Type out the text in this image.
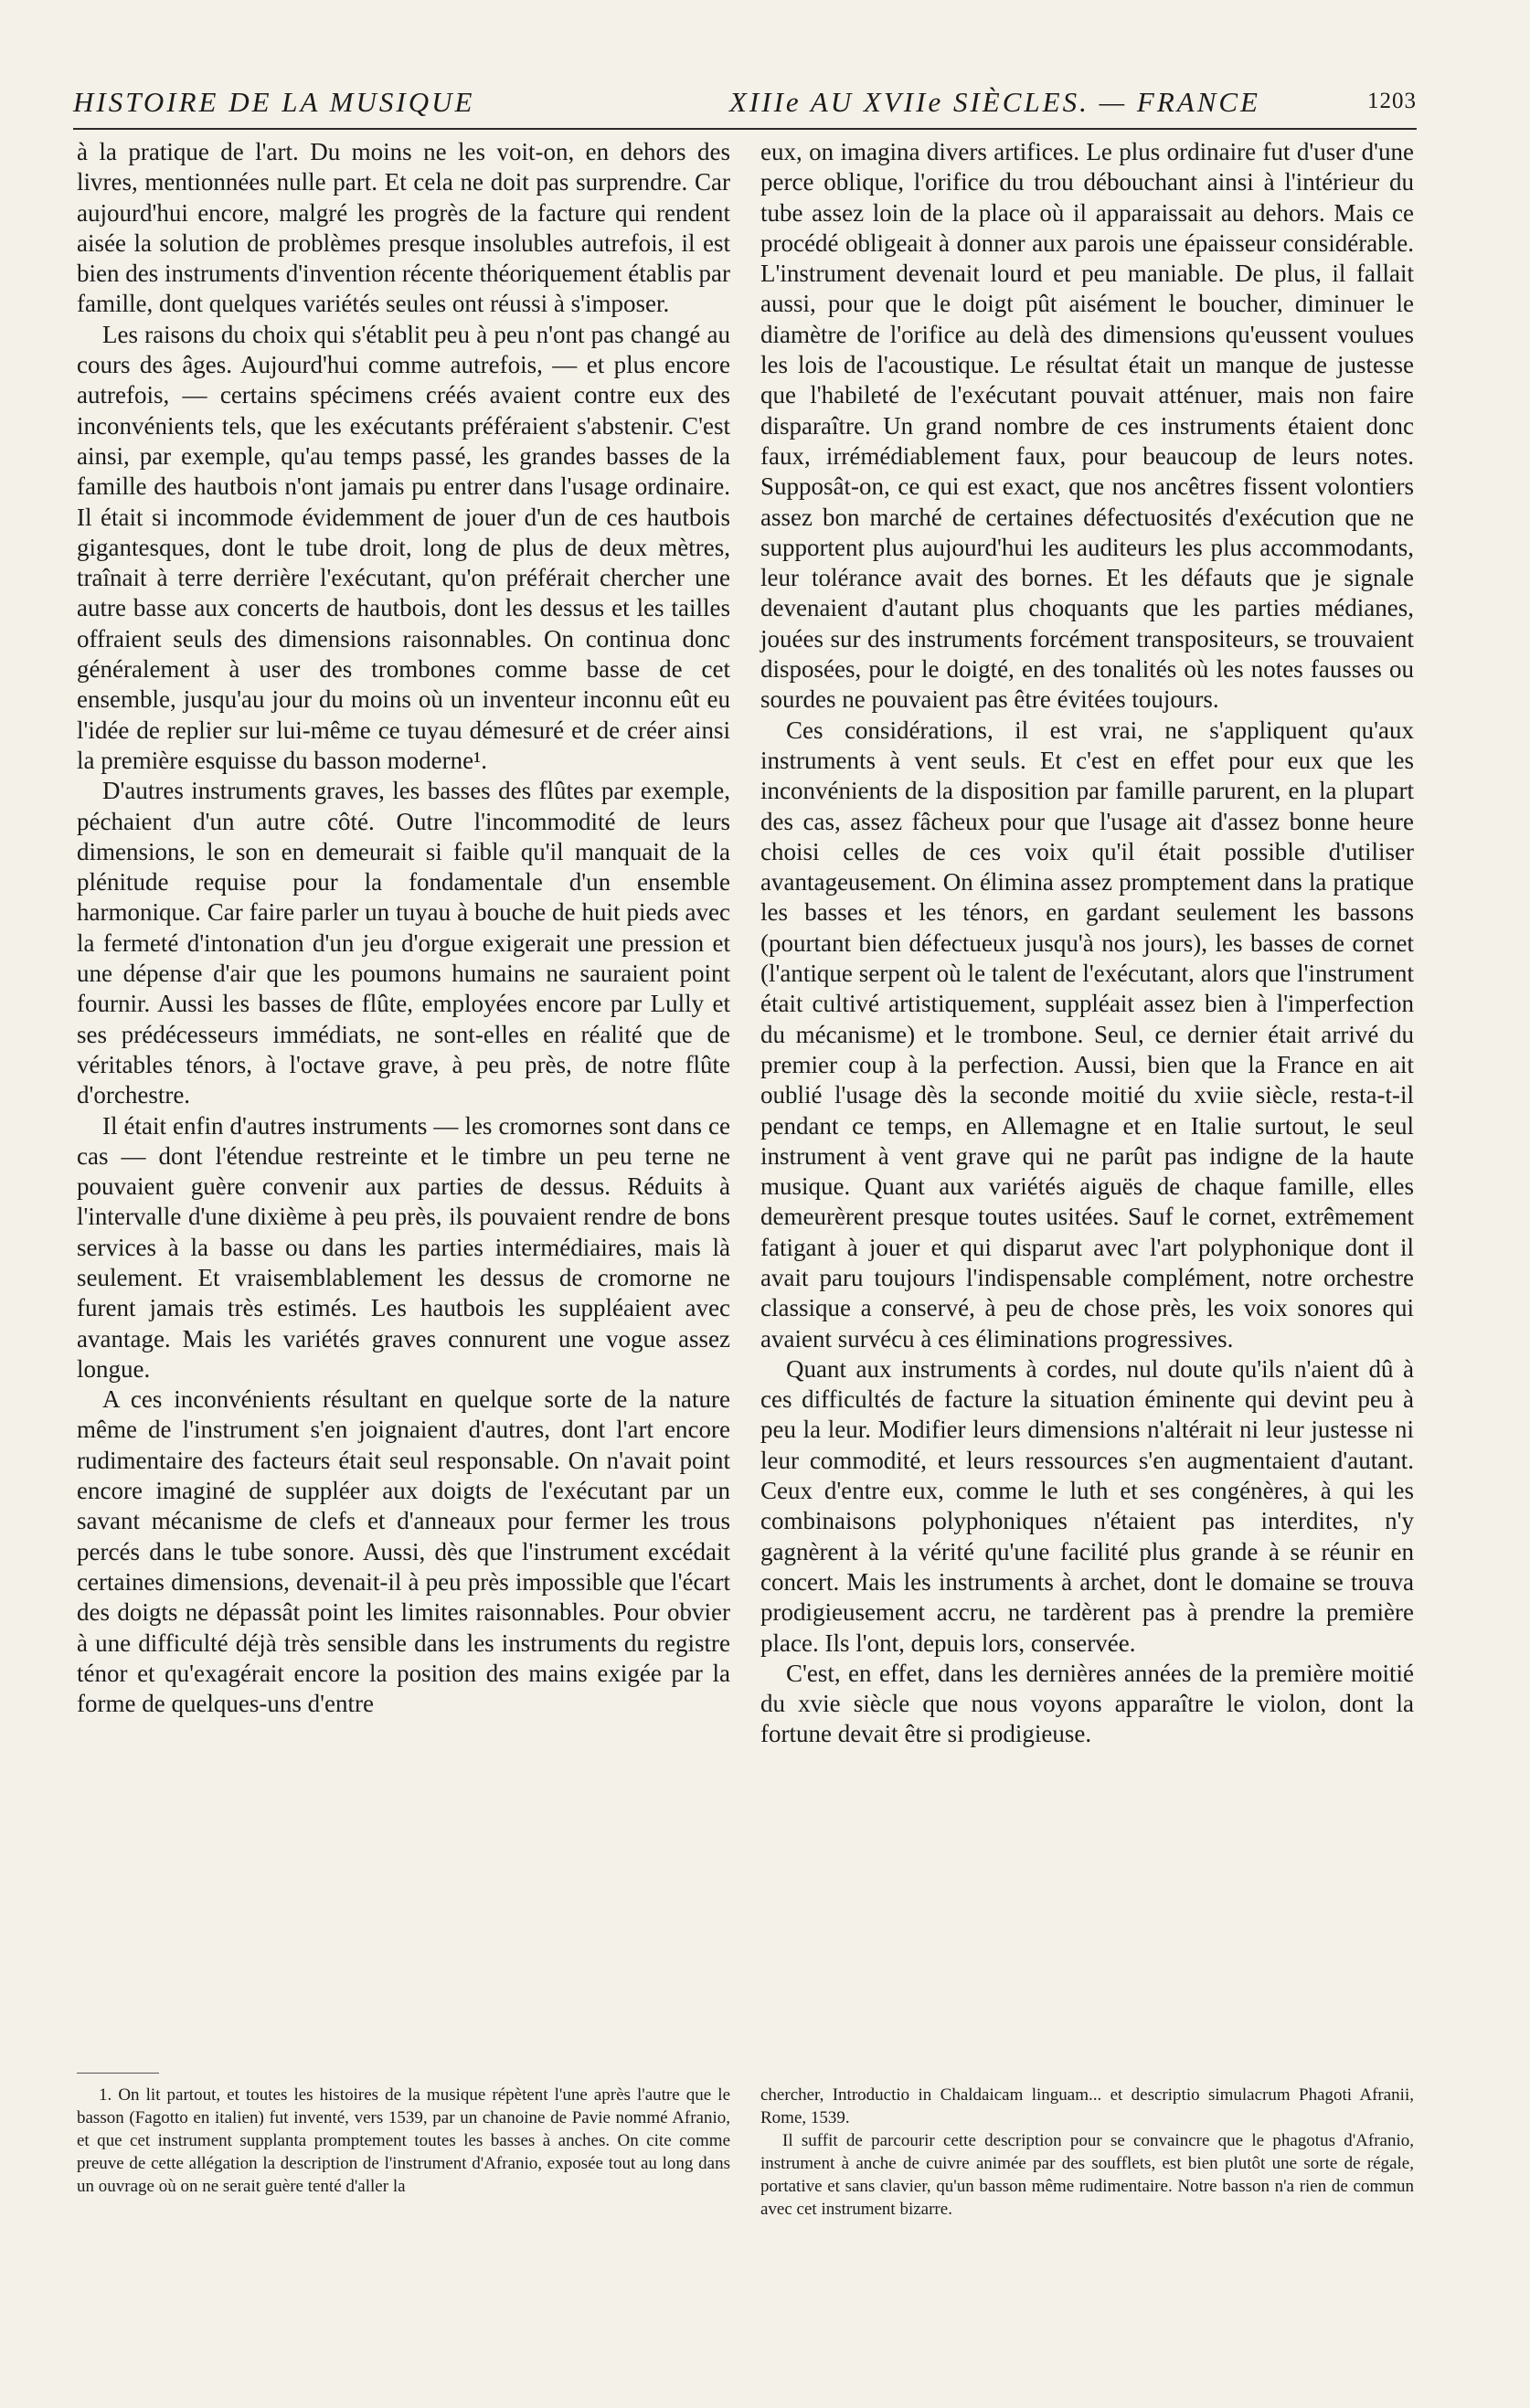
HISTOIRE DE LA MUSIQUE	XIIIe AU XVIIe SIÈCLES. — FRANCE	1203

à la pratique de l'art. Du moins ne les voit-on, en dehors des livres, mentionnées nulle part. Et cela ne doit pas surprendre. Car aujourd'hui encore, malgré les progrès de la facture qui rendent aisée la solution de problèmes presque insolubles autrefois, il est bien des instruments d'invention récente théoriquement établis par famille, dont quelques variétés seules ont réussi à s'imposer.

Les raisons du choix qui s'établit peu à peu n'ont pas changé au cours des âges. Aujourd'hui comme autrefois, — et plus encore autrefois, — certains spécimens créés avaient contre eux des inconvénients tels, que les exécutants préféraient s'abstenir. C'est ainsi, par exemple, qu'au temps passé, les grandes basses de la famille des hautbois n'ont jamais pu entrer dans l'usage ordinaire. Il était si incommode évidemment de jouer d'un de ces hautbois gigantesques, dont le tube droit, long de plus de deux mètres, traînait à terre derrière l'exécutant, qu'on préférait chercher une autre basse aux concerts de hautbois, dont les dessus et les tailles offraient seuls des dimensions raisonnables. On continua donc généralement à user des trombones comme basse de cet ensemble, jusqu'au jour du moins où un inventeur inconnu eût eu l'idée de replier sur lui-même ce tuyau démesuré et de créer ainsi la première esquisse du basson moderne¹.

D'autres instruments graves, les basses des flûtes par exemple, péchaient d'un autre côté. Outre l'incommodité de leurs dimensions, le son en demeurait si faible qu'il manquait de la plénitude requise pour la fondamentale d'un ensemble harmonique. Car faire parler un tuyau à bouche de huit pieds avec la fermeté d'intonation d'un jeu d'orgue exigerait une pression et une dépense d'air que les poumons humains ne sauraient point fournir. Aussi les basses de flûte, employées encore par Lully et ses prédécesseurs immédiats, ne sont-elles en réalité que de véritables ténors, à l'octave grave, à peu près, de notre flûte d'orchestre.

Il était enfin d'autres instruments — les cromornes sont dans ce cas — dont l'étendue restreinte et le timbre un peu terne ne pouvaient guère convenir aux parties de dessus. Réduits à l'intervalle d'une dixième à peu près, ils pouvaient rendre de bons services à la basse ou dans les parties intermédiaires, mais là seulement. Et vraisemblablement les dessus de cromorne ne furent jamais très estimés. Les hautbois les suppléaient avec avantage. Mais les variétés graves connurent une vogue assez longue.

A ces inconvénients résultant en quelque sorte de la nature même de l'instrument s'en joignaient d'autres, dont l'art encore rudimentaire des facteurs était seul responsable. On n'avait point encore imaginé de suppléer aux doigts de l'exécutant par un savant mécanisme de clefs et d'anneaux pour fermer les trous percés dans le tube sonore. Aussi, dès que l'instrument excédait certaines dimensions, devenait-il à peu près impossible que l'écart des doigts ne dépassât point les limites raisonnables. Pour obvier à une difficulté déjà très sensible dans les instruments du registre ténor et qu'exagérait encore la position des mains exigée par la forme de quelques-uns d'entre

eux, on imagina divers artifices. Le plus ordinaire fut d'user d'une perce oblique, l'orifice du trou débouchant ainsi à l'intérieur du tube assez loin de la place où il apparaissait au dehors. Mais ce procédé obligeait à donner aux parois une épaisseur considérable. L'instrument devenait lourd et peu maniable. De plus, il fallait aussi, pour que le doigt pût aisément le boucher, diminuer le diamètre de l'orifice au delà des dimensions qu'eussent voulues les lois de l'acoustique. Le résultat était un manque de justesse que l'habileté de l'exécutant pouvait atténuer, mais non faire disparaître. Un grand nombre de ces instruments étaient donc faux, irrémédiablement faux, pour beaucoup de leurs notes. Supposât-on, ce qui est exact, que nos ancêtres fissent volontiers assez bon marché de certaines défectuosités d'exécution que ne supportent plus aujourd'hui les auditeurs les plus accommodants, leur tolérance avait des bornes. Et les défauts que je signale devenaient d'autant plus choquants que les parties médianes, jouées sur des instruments forcément transpositeurs, se trouvaient disposées, pour le doigté, en des tonalités où les notes fausses ou sourdes ne pouvaient pas être évitées toujours.

Ces considérations, il est vrai, ne s'appliquent qu'aux instruments à vent seuls. Et c'est en effet pour eux que les inconvénients de la disposition par famille parurent, en la plupart des cas, assez fâcheux pour que l'usage ait d'assez bonne heure choisi celles de ces voix qu'il était possible d'utiliser avantageusement. On élimina assez promptement dans la pratique les basses et les ténors, en gardant seulement les bassons (pourtant bien défectueux jusqu'à nos jours), les basses de cornet (l'antique serpent où le talent de l'exécutant, alors que l'instrument était cultivé artistiquement, suppléait assez bien à l'imperfection du mécanisme) et le trombone. Seul, ce dernier était arrivé du premier coup à la perfection. Aussi, bien que la France en ait oublié l'usage dès la seconde moitié du xviie siècle, resta-t-il pendant ce temps, en Allemagne et en Italie surtout, le seul instrument à vent grave qui ne parût pas indigne de la haute musique. Quant aux variétés aiguës de chaque famille, elles demeurèrent presque toutes usitées. Sauf le cornet, extrêmement fatigant à jouer et qui disparut avec l'art polyphonique dont il avait paru toujours l'indispensable complément, notre orchestre classique a conservé, à peu de chose près, les voix sonores qui avaient survécu à ces éliminations progressives.

Quant aux instruments à cordes, nul doute qu'ils n'aient dû à ces difficultés de facture la situation éminente qui devint peu à peu la leur. Modifier leurs dimensions n'altérait ni leur justesse ni leur commodité, et leurs ressources s'en augmentaient d'autant. Ceux d'entre eux, comme le luth et ses congénères, à qui les combinaisons polyphoniques n'étaient pas interdites, n'y gagnèrent à la vérité qu'une facilité plus grande à se réunir en concert. Mais les instruments à archet, dont le domaine se trouva prodigieusement accru, ne tardèrent pas à prendre la première place. Ils l'ont, depuis lors, conservée.

C'est, en effet, dans les dernières années de la première moitié du xvie siècle que nous voyons apparaître le violon, dont la fortune devait être si prodigieuse.

1. On lit partout, et toutes les histoires de la musique répètent l'une après l'autre que le basson (Fagotto en italien) fut inventé, vers 1539, par un chanoine de Pavie nommé Afranio, et que cet instrument supplanta promptement toutes les basses à anches. On cite comme preuve de cette allégation la description de l'instrument d'Afranio, exposée tout au long dans un ouvrage où on ne serait guère tenté d'aller la

chercher, Introductio in Chaldaicam linguam... et descriptio simulacrum Phagoti Afranii, Rome, 1539.

Il suffit de parcourir cette description pour se convaincre que le phagotus d'Afranio, instrument à anche de cuivre animée par des soufflets, est bien plutôt une sorte de régale, portative et sans clavier, qu'un basson même rudimentaire. Notre basson n'a rien de commun avec cet instrument bizarre.
